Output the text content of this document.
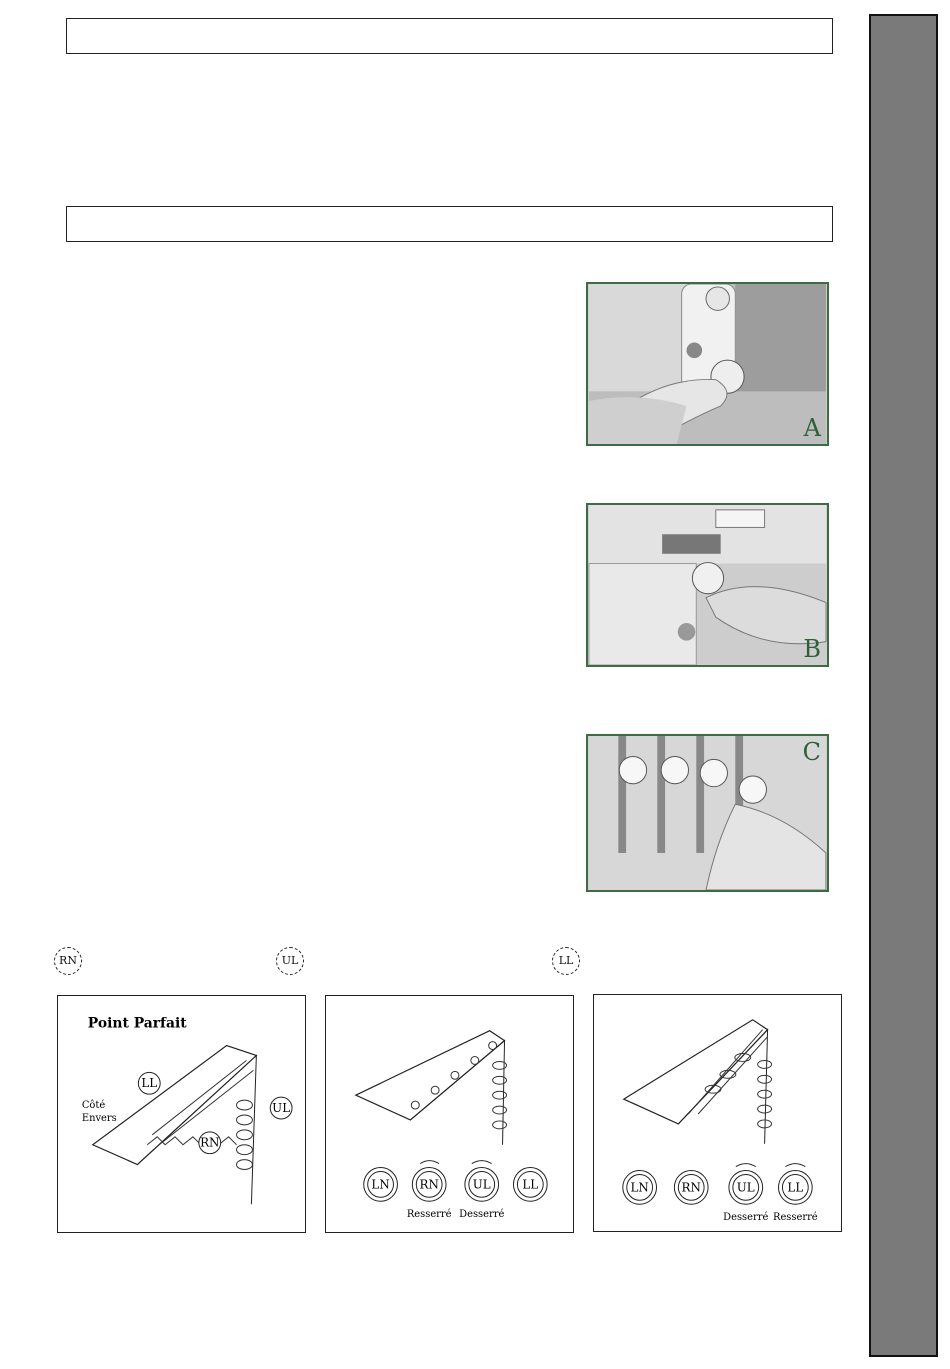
A
B
C
RN	UL	LL
Point Parfait
LL
UL
RN
Côté
Envers
LN RN	UL	LL
Resserré Desserré
LN	RN	UL	LL
Desserré Resserré
